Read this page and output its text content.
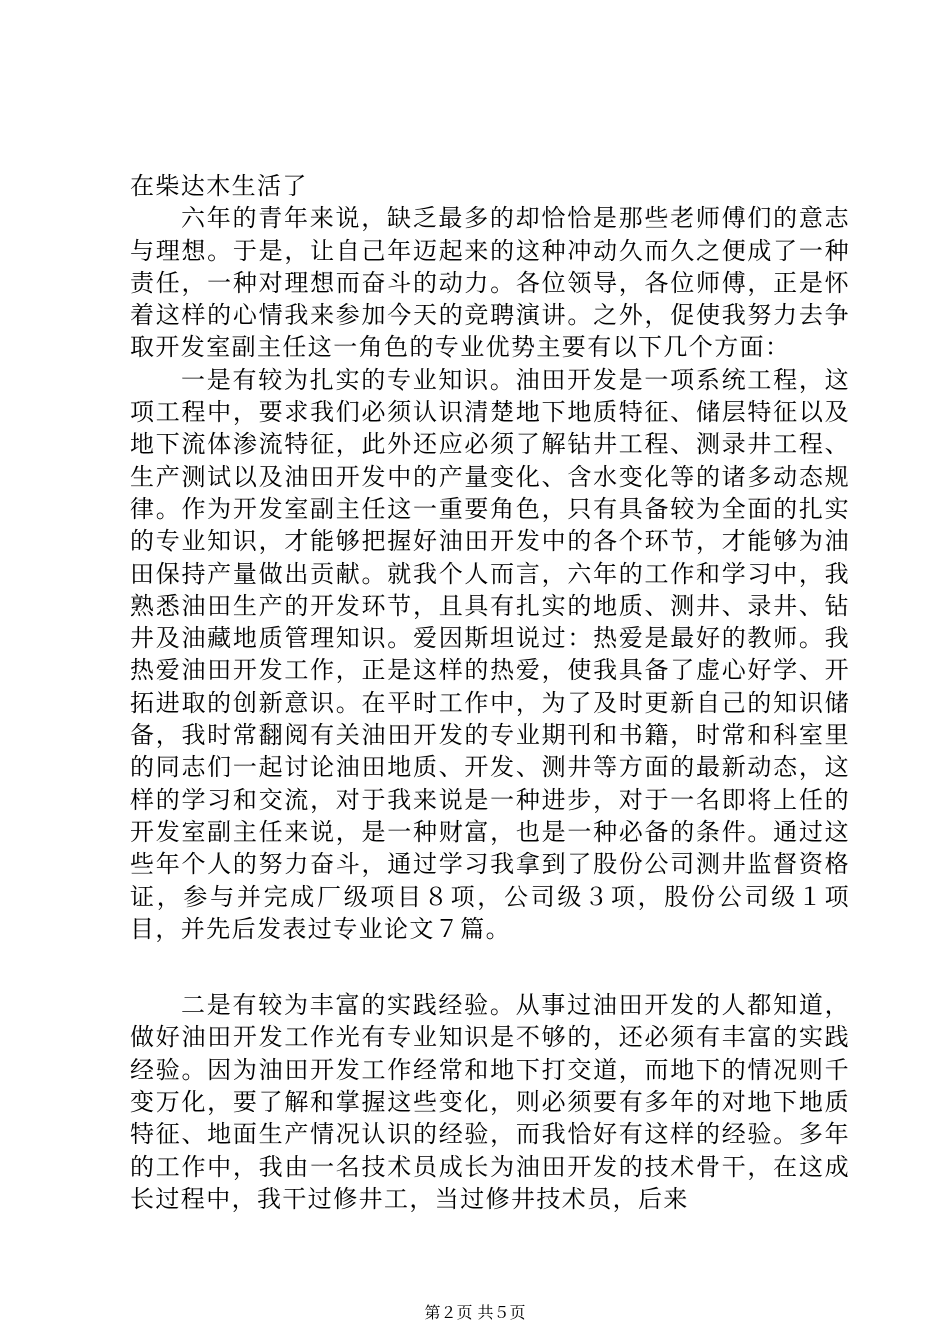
在柴达木生活了

六年的青年来说，缺乏最多的却恰恰是那些老师傅们的意志与理想。于是，让自己年迈起来的这种冲动久而久之便成了一种责任，一种对理想而奋斗的动力。各位领导，各位师傅，正是怀着这样的心情我来参加今天的竞聘演讲。之外，促使我努力去争取开发室副主任这一角色的专业优势主要有以下几个方面：

一是有较为扎实的专业知识。油田开发是一项系统工程，这项工程中，要求我们必须认识清楚地下地质特征、储层特征以及地下流体渗流特征，此外还应必须了解钻井工程、测录井工程、生产测试以及油田开发中的产量变化、含水变化等的诸多动态规律。作为开发室副主任这一重要角色，只有具备较为全面的扎实的专业知识，才能够把握好油田开发中的各个环节，才能够为油田保持产量做出贡献。就我个人而言，六年的工作和学习中，我熟悉油田生产的开发环节，且具有扎实的地质、测井、录井、钻井及油藏地质管理知识。爱因斯坦说过：热爱是最好的教师。我热爱油田开发工作，正是这样的热爱，使我具备了虚心好学、开拓进取的创新意识。在平时工作中，为了及时更新自己的知识储备，我时常翻阅有关油田开发的专业期刊和书籍，时常和科室里的同志们一起讨论油田地质、开发、测井等方面的最新动态，这样的学习和交流，对于我来说是一种进步，对于一名即将上任的开发室副主任来说，是一种财富，也是一种必备的条件。通过这些年个人的努力奋斗，通过学习我拿到了股份公司测井监督资格证，参与并完成厂级项目８项，公司级３项，股份公司级１项目，并先后发表过专业论文７篇。

二是有较为丰富的实践经验。从事过油田开发的人都知道，做好油田开发工作光有专业知识是不够的，还必须有丰富的实践经验。因为油田开发工作经常和地下打交道，而地下的情况则千变万化，要了解和掌握这些变化，则必须要有多年的对地下地质特征、地面生产情况认识的经验，而我恰好有这样的经验。多年的工作中，我由一名技术员成长为油田开发的技术骨干，在这成长过程中，我干过修井工，当过修井技术员，后来

第２页 共５页
